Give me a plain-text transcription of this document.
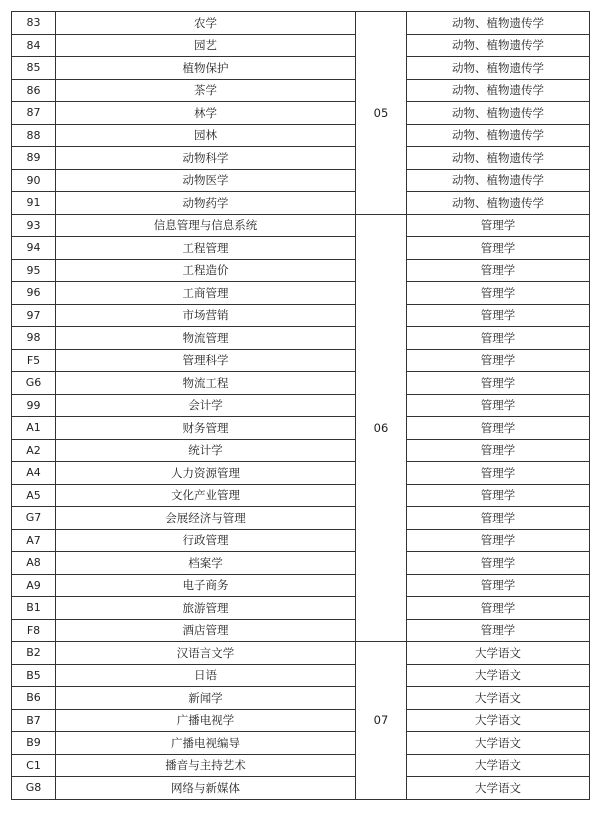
83	农学	05	动物、植物遗传学
84	园艺		动物、植物遗传学
85	植物保护		动物、植物遗传学
86	茶学		动物、植物遗传学
87	林学		动物、植物遗传学
88	园林		动物、植物遗传学
89	动物科学		动物、植物遗传学
90	动物医学		动物、植物遗传学
91	动物药学		动物、植物遗传学
93	信息管理与信息系统	06	管理学
94	工程管理		管理学
95	工程造价		管理学
96	工商管理		管理学
97	市场营销		管理学
98	物流管理		管理学
F5	管理科学		管理学
G6	物流工程		管理学
99	会计学		管理学
A1	财务管理		管理学
A2	统计学		管理学
A4	人力资源管理		管理学
A5	文化产业管理		管理学
G7	会展经济与管理		管理学
A7	行政管理		管理学
A8	档案学		管理学
A9	电子商务		管理学
B1	旅游管理		管理学
F8	酒店管理		管理学
B2	汉语言文学	07	大学语文
B5	日语		大学语文
B6	新闻学		大学语文
B7	广播电视学		大学语文
B9	广播电视编导		大学语文
C1	播音与主持艺术		大学语文
G8	网络与新媒体		大学语文
